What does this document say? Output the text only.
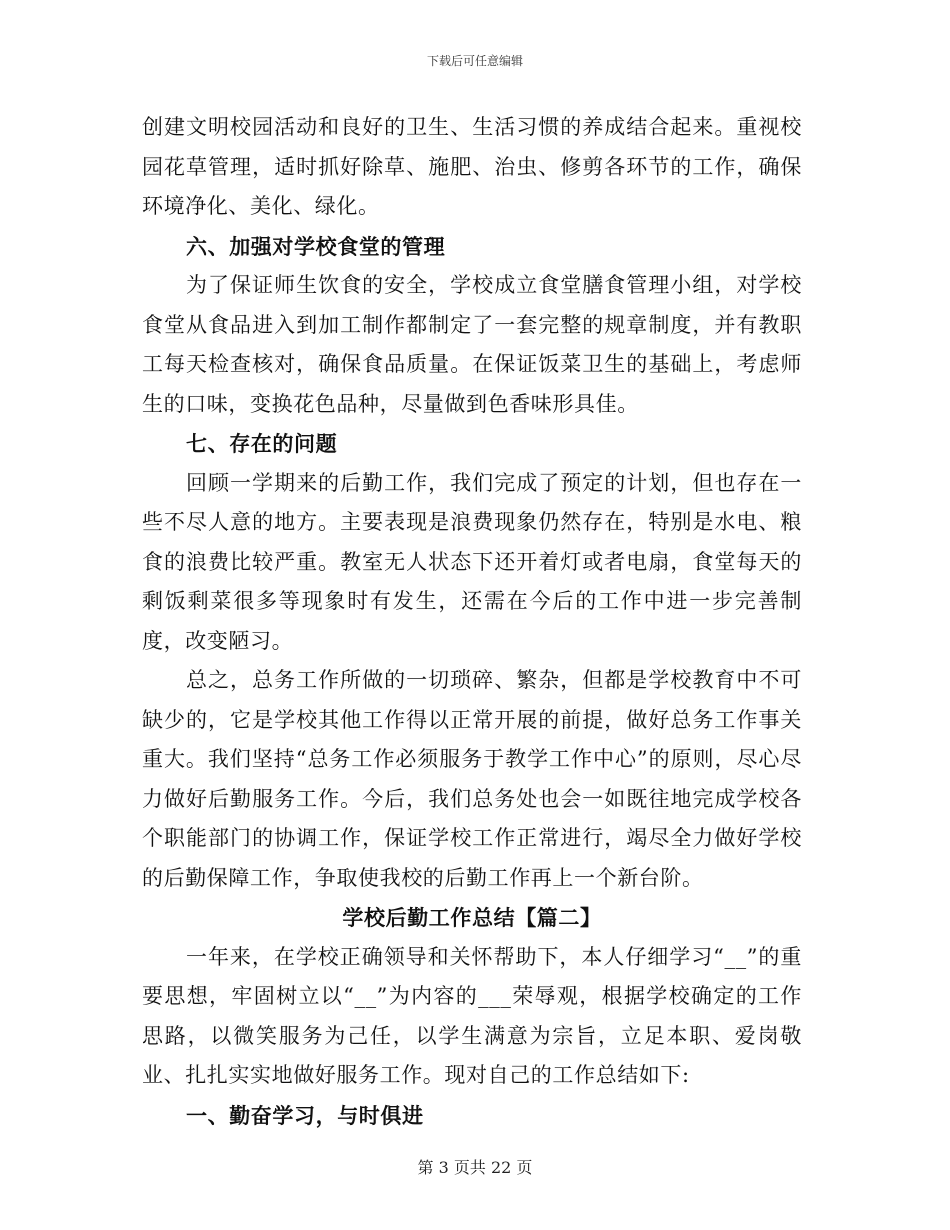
下载后可任意编辑

创建文明校园活动和良好的卫生、生活习惯的养成结合起来。重视校园花草管理，适时抓好除草、施肥、治虫、修剪各环节的工作，确保环境净化、美化、绿化。

六、加强对学校食堂的管理

为了保证师生饮食的安全，学校成立食堂膳食管理小组，对学校食堂从食品进入到加工制作都制定了一套完整的规章制度，并有教职工每天检查核对，确保食品质量。在保证饭菜卫生的基础上，考虑师生的口味，变换花色品种，尽量做到色香味形具佳。

七、存在的问题

回顾一学期来的后勤工作，我们完成了预定的计划，但也存在一些不尽人意的地方。主要表现是浪费现象仍然存在，特别是水电、粮食的浪费比较严重。教室无人状态下还开着灯或者电扇，食堂每天的剩饭剩菜很多等现象时有发生，还需在今后的工作中进一步完善制度，改变陋习。

总之，总务工作所做的一切琐碎、繁杂，但都是学校教育中不可缺少的，它是学校其他工作得以正常开展的前提，做好总务工作事关重大。我们坚持“总务工作必须服务于教学工作中心”的原则，尽心尽力做好后勤服务工作。今后，我们总务处也会一如既往地完成学校各个职能部门的协调工作，保证学校工作正常进行，竭尽全力做好学校的后勤保障工作，争取使我校的后勤工作再上一个新台阶。

学校后勤工作总结【篇二】

一年来，在学校正确领导和关怀帮助下，本人仔细学习“__”的重要思想，牢固树立以“__”为内容的___荣辱观，根据学校确定的工作思路，以微笑服务为己任，以学生满意为宗旨，立足本职、爱岗敬业、扎扎实实地做好服务工作。现对自己的工作总结如下:

一、勤奋学习，与时俱进

第 3 页共 22 页
